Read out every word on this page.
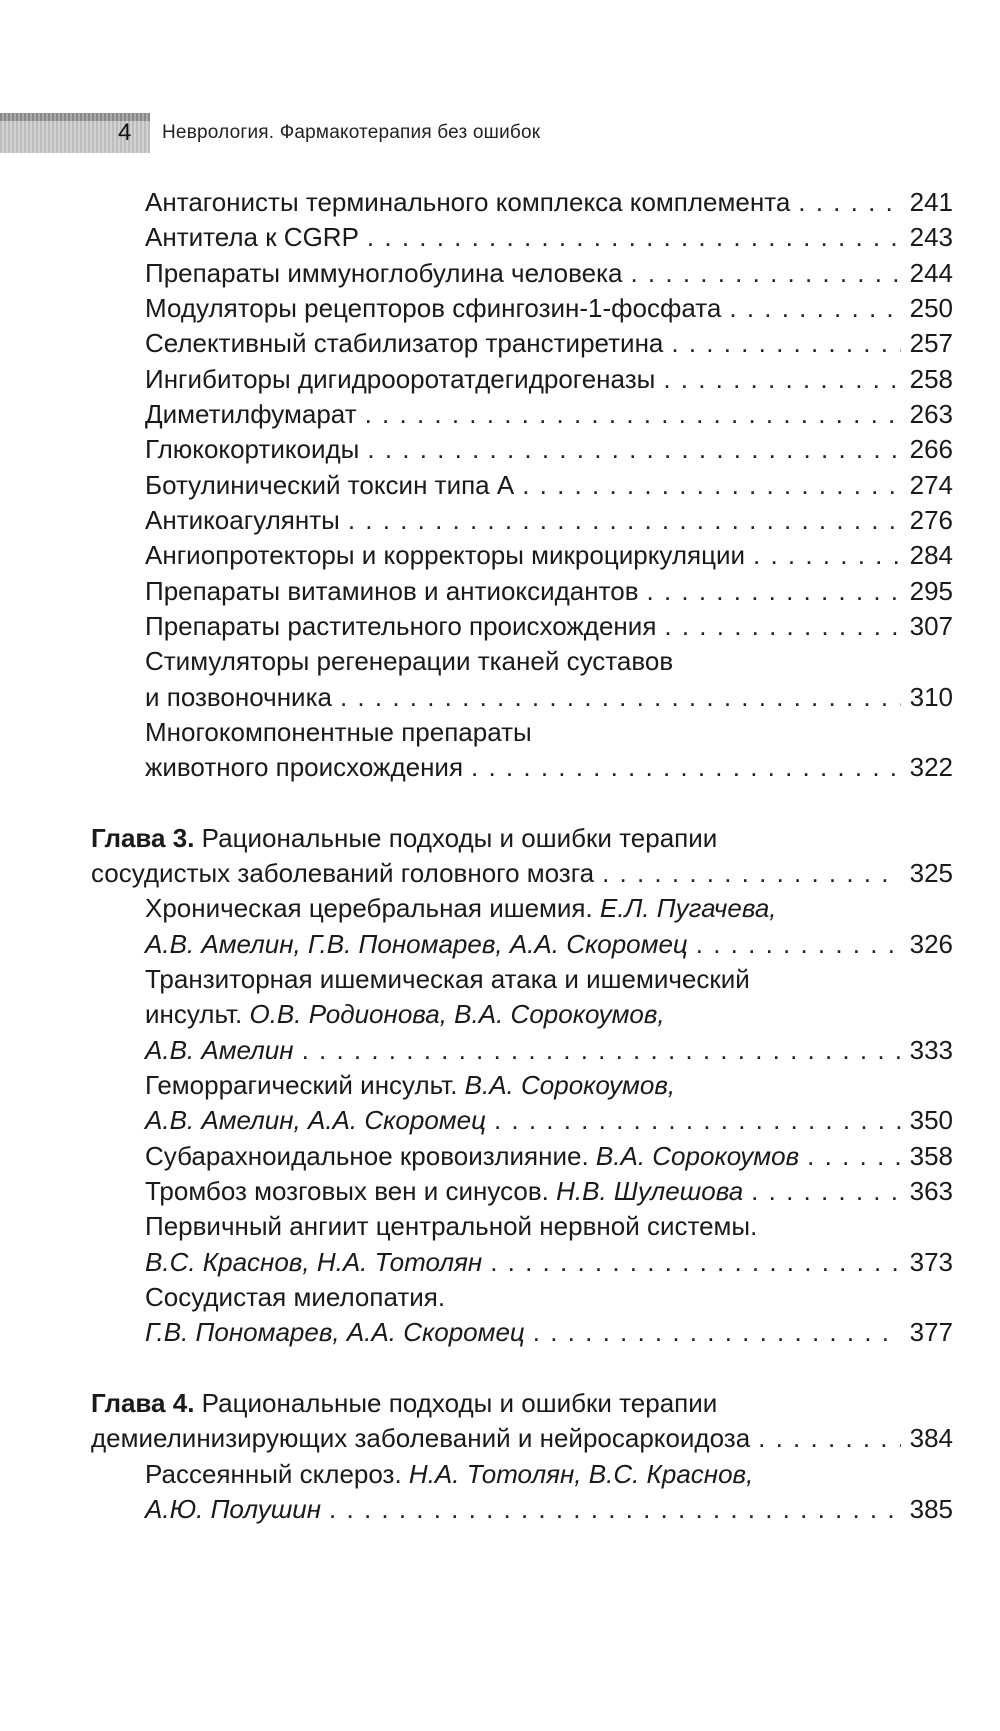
4 Неврология. Фармакотерапия без ошибок
Антагонисты терминального комплекса комплемента . . .	241
Антитела к CGRP . . .	243
Препараты иммуноглобулина человека . . .	244
Модуляторы рецепторов сфингозин-1-фосфата . . .	250
Селективный стабилизатор транстиретина . . .	257
Ингибиторы дигидрооротатдегидрогеназы . . .	258
Диметилфумарат . . .	263
Глюкокортикоиды . . .	266
Ботулинический токсин типа А . . .	274
Антикоагулянты . . .	276
Ангиопротекторы и корректоры микроциркуляции . . .	284
Препараты витаминов и антиоксидантов . . .	295
Препараты растительного происхождения . . .	307
Стимуляторы регенерации тканей суставов
и позвоночника . . .	310
Многокомпонентные препараты
животного происхождения . . .	322
Глава 3. Рациональные подходы и ошибки терапии
сосудистых заболеваний головного мозга . . .	325
Хроническая церебральная ишемия. Е.Л. Пугачева,
А.В. Амелин, Г.В. Пономарев, А.А. Скоромец . . .	326
Транзиторная ишемическая атака и ишемический
инсульт. О.В. Родионова, В.А. Сорокоумов,
А.В. Амелин . . .	333
Геморрагический инсульт. В.А. Сорокоумов,
А.В. Амелин, А.А. Скоромец . . .	350
Субарахноидальное кровоизлияние. В.А. Сорокоумов . . .	358
Тромбоз мозговых вен и синусов. Н.В. Шулешова . . .	363
Первичный ангиит центральной нервной системы.
В.С. Краснов, Н.А. Тотолян . . .	373
Сосудистая миелопатия.
Г.В. Пономарев, А.А. Скоромец . . .	377
Глава 4. Рациональные подходы и ошибки терапии
демиелинизирующих заболеваний и нейросаркоидоза . . .	384
Рассеянный склероз. Н.А. Тотолян, В.С. Краснов,
А.Ю. Полушин . . .	385
